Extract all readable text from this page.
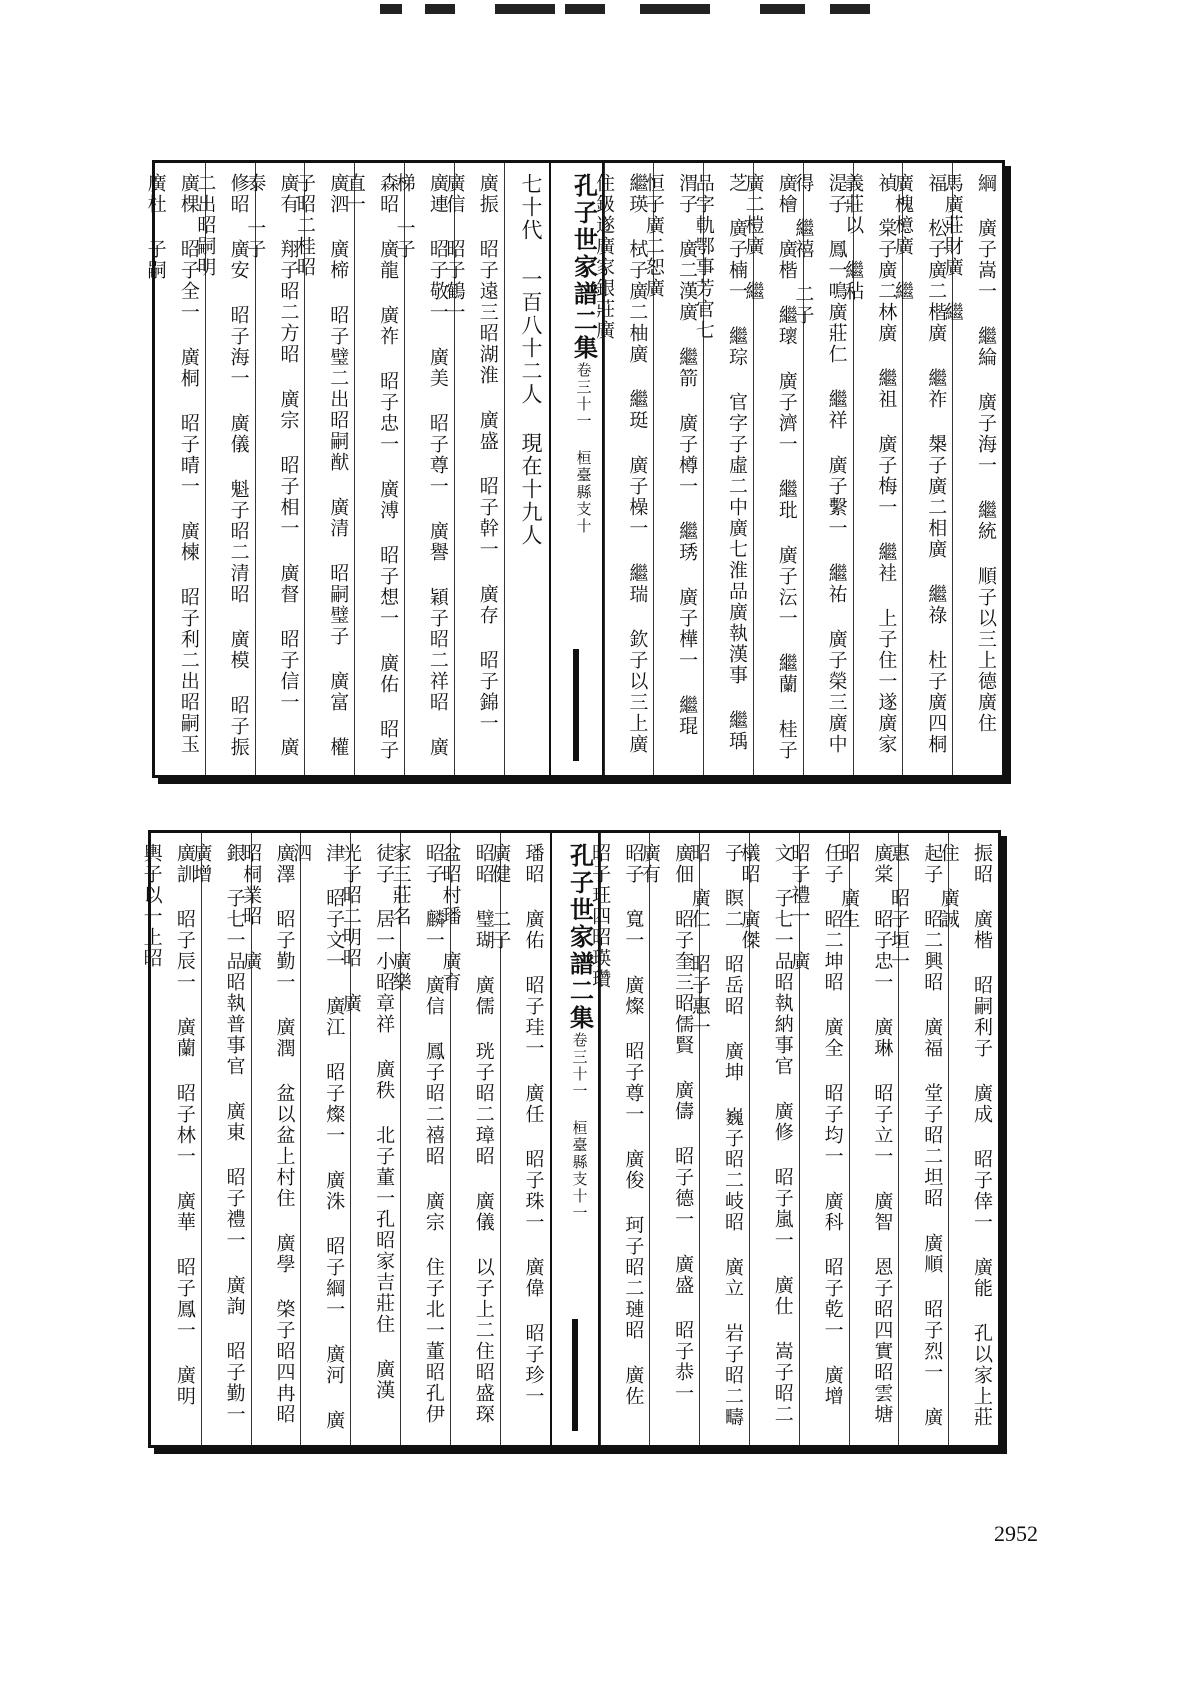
綱 廣子嵩一 繼綸 廣子海一 繼統 順子以三上德廣住 馬廣莊財廣 繼
福 松子廣二楷廣 繼祚 槼子廣二相廣 繼祿 杜子廣四桐廣槐檍廣 繼
禎 棠子廣二林廣 繼祖 廣子梅一 繼袿 上子住一遂廣家義莊以 繼秥
湜子 鳳一鳴廣莊仁 繼祥 廣子繫一 繼祐 廣子榮三廣中得 繼禧 二子
廣檜 廣楷 繼瓌 廣子濟一 繼玭 廣子沄一 繼蘭 桂子廣二榿廣 繼
芝 廣子楠一 繼琮 官字子虛二中廣七淮品廣執漢事 繼瑀 品字軌鄂事芳官七
渭子 廣二漢廣 繼箭 廣子樽一 繼琇 廣子樺一 繼琨 恒子廣二恕廣
繼瑛 栻子廣二柚廣 繼珽 廣子橾一 繼瑞 欽子以三上廣住鈒遂廣家銀莊廣
孔子世家譜二集卷三十一 桓臺縣支十
七十代 一百八十二人 現在十九人
廣振 昭子遠三昭湖淮 廣盛 昭子幹一 廣存 昭子錦一 廣信 昭子鶴一
廣連 昭子敬一 廣美 昭子尊一 廣譽 穎子昭二祥昭 廣梯 一子
森昭 廣龍 廣祚 昭子忠一 廣溥 昭子想一 廣佑 昭子直一
廣泗 廣楴 昭子璧二出昭嗣猷 廣清 昭嗣璧子 廣富 權子昭二桂昭
廣有 翔子昭二方昭 廣宗 昭子相一 廣督 昭子信一 廣泰 一子
修昭 廣安 昭子海一 廣儀 魁子昭二清昭 廣模 昭子振二出昭嗣明
廣棵 昭子全一 廣桐 昭子晴一 廣楝 昭子利二出昭嗣玉 廣杜 子嗣
振昭 廣楷 昭嗣利子 廣成 昭子倖一 廣能 孔以家上莊住 廣誠
起子 昭二興昭 廣福 堂子昭二坦昭 廣順 昭子烈一 廣惠 昭子垣一
廣棠 昭子忠一 廣琳 昭子立一 廣智 恩子昭四實昭雲塘昭 廣生
任子 昭二坤昭 廣全 昭子均一 廣科 昭子乾一 廣增 昭子禮一 廣
文 子七一品昭執納事官 廣修 昭子嵐一 廣仕 嵩子昭二檥昭 廣傑
子 瞑二 昭岳昭 廣坤 巍子昭二岐昭 廣立 岩子昭二疇昭 廣仁 昭子惠一
廣佃 昭子奎三昭儒賢 廣儔 昭子德一 廣盛 昭子恭一 廣有
昭子 寬一 廣燦 昭子尊一 廣俊 珂子昭二璉昭 廣佐 昭子玨四昭瑛瓚
孔子世家譜二集卷三十一 桓臺縣支十一
璠昭 廣佑 昭子珪一 廣任 昭子珠一 廣偉 昭子珍一 廣健 二子
昭昭 璧瑚 廣儒 珖子昭二璋昭 廣儀 以子上二住昭盛琛盆昭村璠 廣育
昭子 麟一 廣信 鳳子昭二禧昭 廣宗 住子北一董昭孔伊家三莊名 廣樂
徒子 居一小昭章祥 廣秩 北子董一孔昭家吉莊住 廣漢 光子昭二明昭 廣
津 昭子文一 廣江 昭子燦一 廣洙 昭子綱一 廣河 廣泗
廣澤 昭子勤一 廣潤 盆以盆上村住 廣學 棨子昭四冉昭昭桐業昭 廣
銀 子七一品昭執普事官 廣東 昭子禮一 廣詢 昭子勤一 廣增
廣訓 昭子辰一 廣蘭 昭子林一 廣華 昭子鳳一 廣明 輿子以一上昭
2952
